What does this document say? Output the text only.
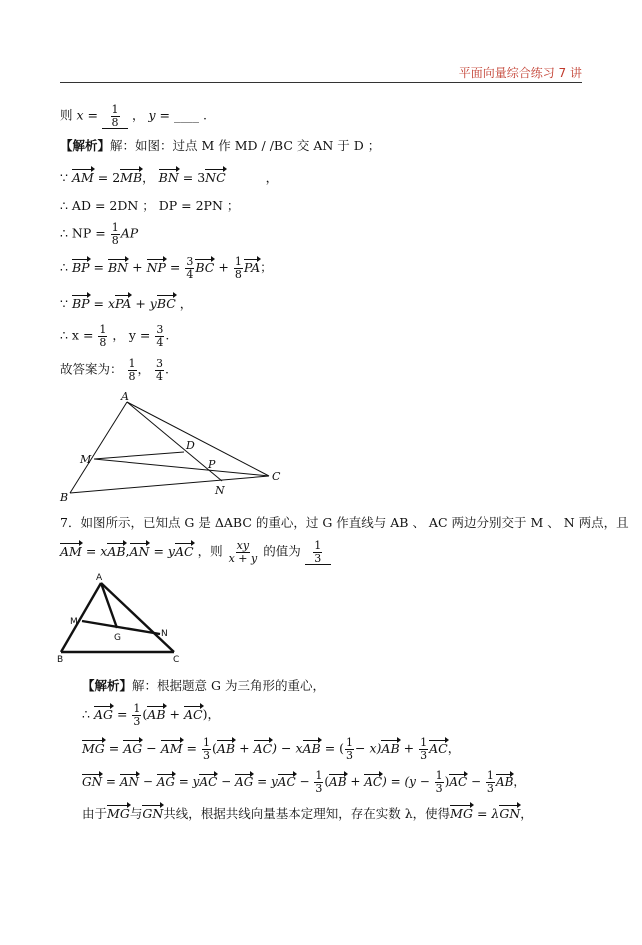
平面向量综合练习 7 讲
则 $x = \frac{1}{8}$ ， y = ____ .
【解析】解：如图：过点 M 作 MD / /BC 交 AN 于 D ；
∵ AM = 2MB， BN = 3NC	，
∴ AD = 2DN ； DP = 2PN ；
∴ NP = $\frac{1}{8}$ AP
∴ BP = BN + NP = $\frac{3}{4}$ BC + $\frac{1}{8}$ PA；
∵ BP = xPA + yBC ，
∴ $x = \frac{1}{8}$ ， $y = \frac{3}{4}$ .
故答案为： $\frac{1}{8}$ ， $\frac{3}{4}$ .
A
B
C
D
M
N
P
7．如图所示，已知点 G 是 ΔABC 的重心，过 G 作直线与 AB 、 AC 两边分别交于 M 、 N 两点，且
AM = xAB,AN = yAC ，则 $\frac{xy}{x + y}$ 的值为 $\frac{1}{3}$
A
B	C
G
M
N
【解析】解：根据题意 G 为三角形的重心，
∴ AG = $\frac{1}{3} (AB + AC)$，
MG = AG − AM = $\frac{1}{3} (AB + AC)$ − xAB = ( $\frac{1}{3} - x)AB + \frac{1}{3}$ AC，
GN = AN − AG = yAC − AG = yAC − $\frac{1}{3} (AB + AC) = (y - \frac{1}{3} )AC - \frac{1}{3}$ AB，
由于MG与GN共线，根据共线向量基本定理知，存在实数 λ，使得MG = λGN，
